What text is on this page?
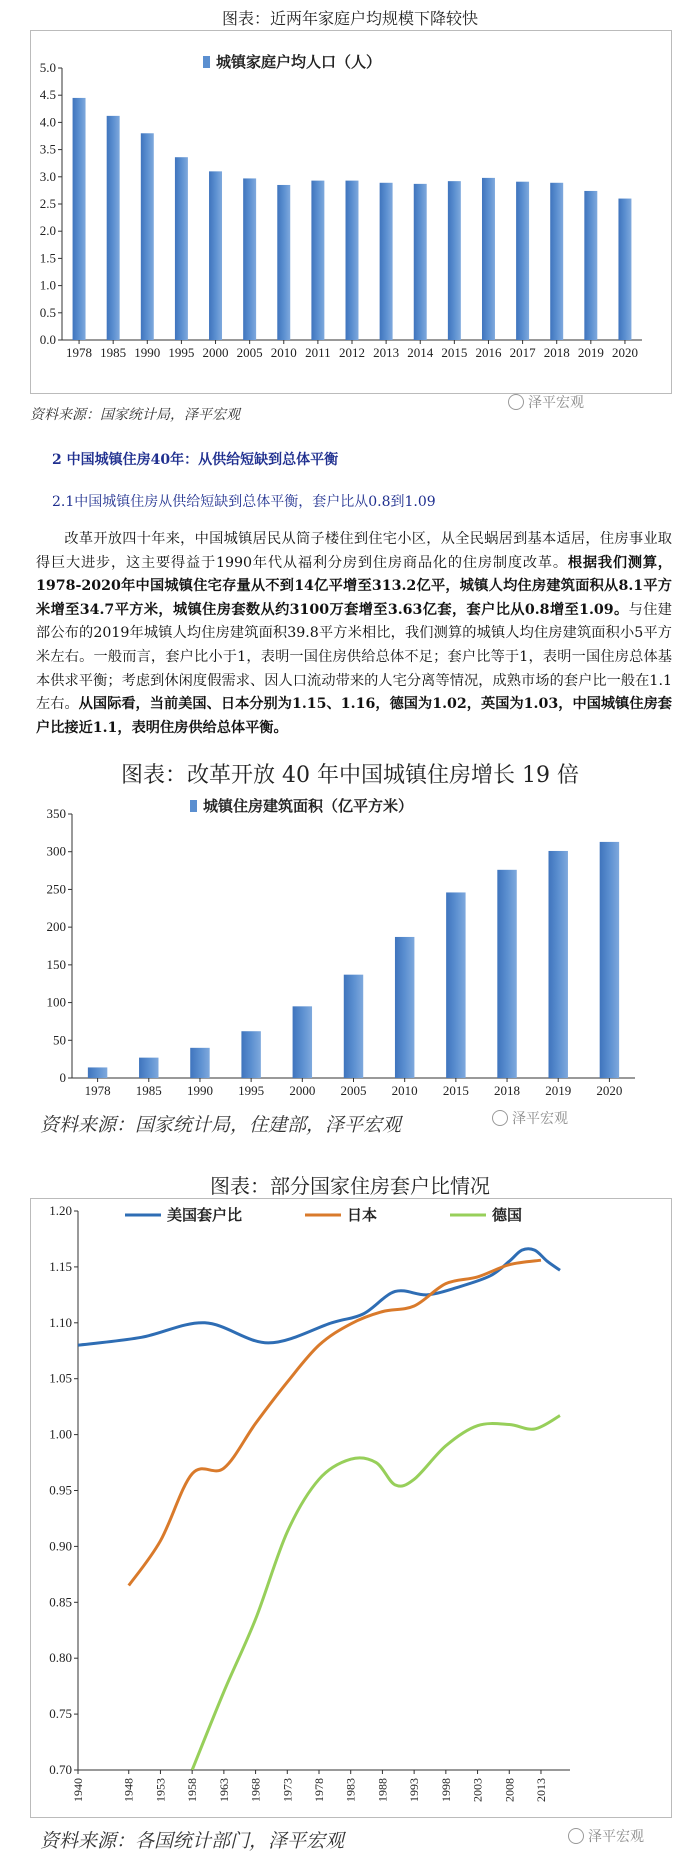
图表：近两年家庭户均规模下降较快
城镇家庭户均人口（人）
0.0
0.5
1.0
1.5
2.0
2.5
3.0
3.5
4.0
4.5
5.0
1978 1985 1990 1995 2000 2005 2010 2011 2012 2013 2014 2015 2016 2017 2018 2019 2020
资料来源：国家统计局，泽平宏观
泽平宏观
2 中国城镇住房40年：从供给短缺到总体平衡
2.1中国城镇住房从供给短缺到总体平衡，套户比从0.8到1.09
改革开放四十年来，中国城镇居民从筒子楼住到住宅小区，从全民蜗居到基本适居，住房事业取得巨大进步，这主要得益于1990年代从福利分房到住房商品化的住房制度改革。根据我们测算，1978-2020年中国城镇住宅存量从不到14亿平增至313.2亿平，城镇人均住房建筑面积从8.1平方米增至34.7平方米，城镇住房套数从约3100万套增至3.63亿套，套户比从0.8增至1.09。与住建部公布的2019年城镇人均住房建筑面积39.8平方米相比，我们测算的城镇人均住房建筑面积小5平方米左右。一般而言，套户比小于1，表明一国住房供给总体不足；套户比等于1，表明一国住房总体基本供求平衡；考虑到休闲度假需求、因人口流动带来的人宅分离等情况，成熟市场的套户比一般在1.1左右。从国际看，当前美国、日本分别为1.15、1.16，德国为1.02，英国为1.03，中国城镇住房套户比接近1.1，表明住房供给总体平衡。
图表：改革开放 40 年中国城镇住房增长 19 倍
城镇住房建筑面积（亿平方米）
0
50
100
150
200
250
300
350
1978 1985 1990 1995 2000 2005 2010 2015 2018 2019 2020
资料来源：国家统计局，住建部，泽平宏观	泽平宏观
图表：部分国家住房套户比情况
0.70
0.75
0.80
0.85
0.90
0.95
1.00
1.05
1.10
1.15
1.20
1940	1948 1953 1958 1963 1968 1973 1978 1983 1988 1993 1998 2003 2008 2013
美国套户比	日本	德国
资料来源：各国统计部门，泽平宏观	泽平宏观
